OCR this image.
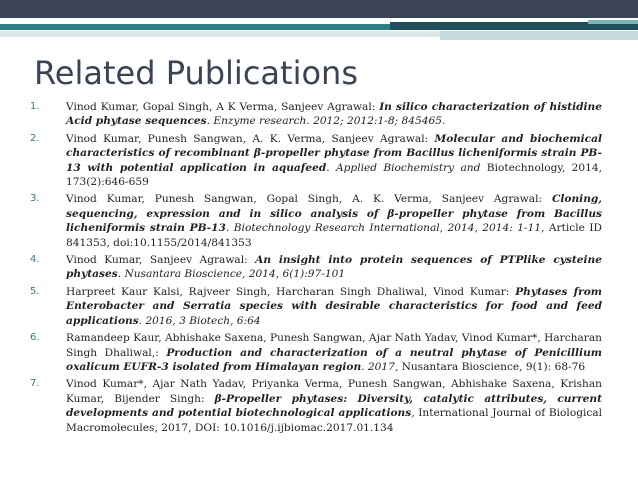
Related Publications
1. Vinod Kumar, Gopal Singh, A K Verma, Sanjeev Agrawal: In silico characterization of histidine Acid phytase sequences. Enzyme research. 2012; 2012:1-8; 845465.
2. Vinod Kumar, Punesh Sangwan, A. K. Verma, Sanjeev Agrawal: Molecular and biochemical characteristics of recombinant β-propeller phytase from Bacillus licheniformis strain PB-13 with potential application in aquafeed. Applied Biochemistry and Biotechnology, 2014, 173(2):646-659
3. Vinod Kumar, Punesh Sangwan, Gopal Singh, A. K. Verma, Sanjeev Agrawal: Cloning, sequencing, expression and in silico analysis of β-propeller phytase from Bacillus licheniformis strain PB-13. Biotechnology Research International, 2014, 2014: 1-11, Article ID 841353, doi:10.1155/2014/841353
4. Vinod Kumar, Sanjeev Agrawal: An insight into protein sequences of PTPlike cysteine phytases. Nusantara Bioscience, 2014, 6(1):97-101
5. Harpreet Kaur Kalsi, Rajveer Singh, Harcharan Singh Dhaliwal, Vinod Kumar: Phytases from Enterobacter and Serratia species with desirable characteristics for food and feed applications. 2016, 3 Biotech, 6:64
6. Ramandeep Kaur, Abhishake Saxena, Punesh Sangwan, Ajar Nath Yadav, Vinod Kumar*, Harcharan Singh Dhaliwal,: Production and characterization of a neutral phytase of Penicillium oxalicum EUFR-3 isolated from Himalayan region. 2017, Nusantara Bioscience, 9(1): 68-76
7. Vinod Kumar*, Ajar Nath Yadav, Priyanka Verma, Punesh Sangwan, Abhishake Saxena, Krishan Kumar, Bijender Singh: β-Propeller phytases: Diversity, catalytic attributes, current developments and potential biotechnological applications, International Journal of Biological Macromolecules, 2017, DOI: 10.1016/j.ijbiomac.2017.01.134
